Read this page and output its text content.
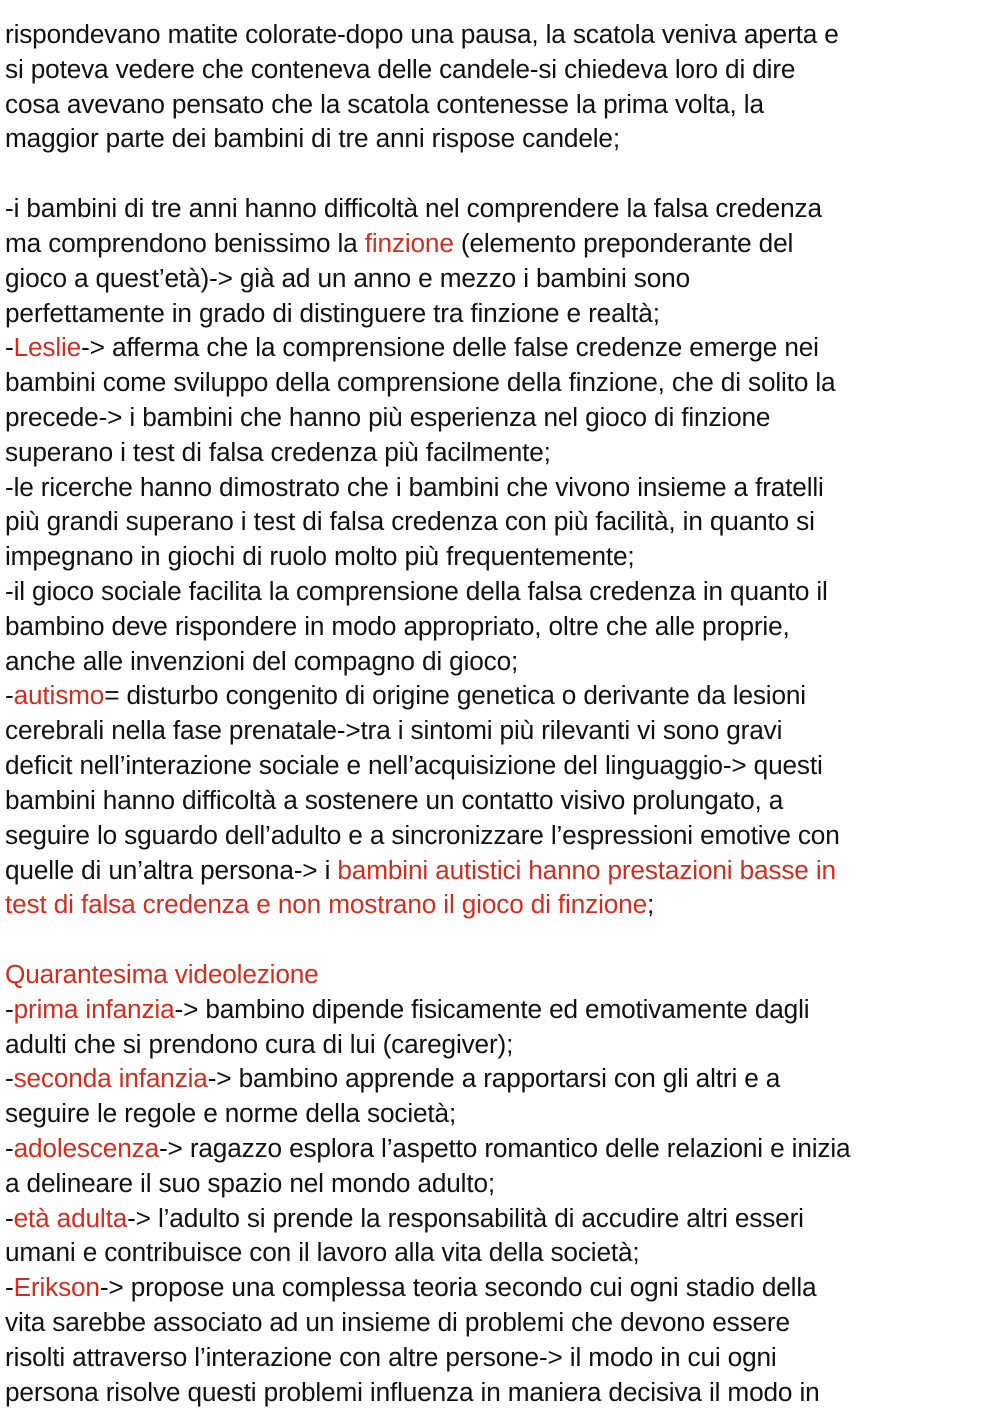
rispondevano matite colorate-dopo una pausa, la scatola veniva aperta e
si poteva vedere che conteneva delle candele-si chiedeva loro di dire
cosa avevano pensato che la scatola contenesse la prima volta, la
maggior parte dei bambini di tre anni rispose candele;
-i bambini di tre anni hanno difficoltà nel comprendere la falsa credenza
ma comprendono benissimo la finzione (elemento preponderante del
gioco a quest’età)-> già ad un anno e mezzo i bambini sono
perfettamente in grado di distinguere tra finzione e realtà;
-Leslie-> afferma che la comprensione delle false credenze emerge nei
bambini come sviluppo della comprensione della finzione, che di solito la
precede-> i bambini che hanno più esperienza nel gioco di finzione
superano i test di falsa credenza più facilmente;
-le ricerche hanno dimostrato che i bambini che vivono insieme a fratelli
più grandi superano i test di falsa credenza con più facilità, in quanto si
impegnano in giochi di ruolo molto più frequentemente;
-il gioco sociale facilita la comprensione della falsa credenza in quanto il
bambino deve rispondere in modo appropriato, oltre che alle proprie,
anche alle invenzioni del compagno di gioco;
-autismo= disturbo congenito di origine genetica o derivante da lesioni
cerebrali nella fase prenatale->tra i sintomi più rilevanti vi sono gravi
deficit nell’interazione sociale e nell’acquisizione del linguaggio-> questi
bambini hanno difficoltà a sostenere un contatto visivo prolungato, a
seguire lo sguardo dell’adulto e a sincronizzare l’espressioni emotive con
quelle di un’altra persona-> i bambini autistici hanno prestazioni basse in
test di falsa credenza e non mostrano il gioco di finzione;
Quarantesima videolezione
-prima infanzia-> bambino dipende fisicamente ed emotivamente dagli
adulti che si prendono cura di lui (caregiver);
-seconda infanzia-> bambino apprende a rapportarsi con gli altri e a
seguire le regole e norme della società;
-adolescenza-> ragazzo esplora l’aspetto romantico delle relazioni e inizia
a delineare il suo spazio nel mondo adulto;
-età adulta-> l’adulto si prende la responsabilità di accudire altri esseri
umani e contribuisce con il lavoro alla vita della società;
-Erikson-> propose una complessa teoria secondo cui ogni stadio della
vita sarebbe associato ad un insieme di problemi che devono essere
risolti attraverso l’interazione con altre persone-> il modo in cui ogni
persona risolve questi problemi influenza in maniera decisiva il modo in
